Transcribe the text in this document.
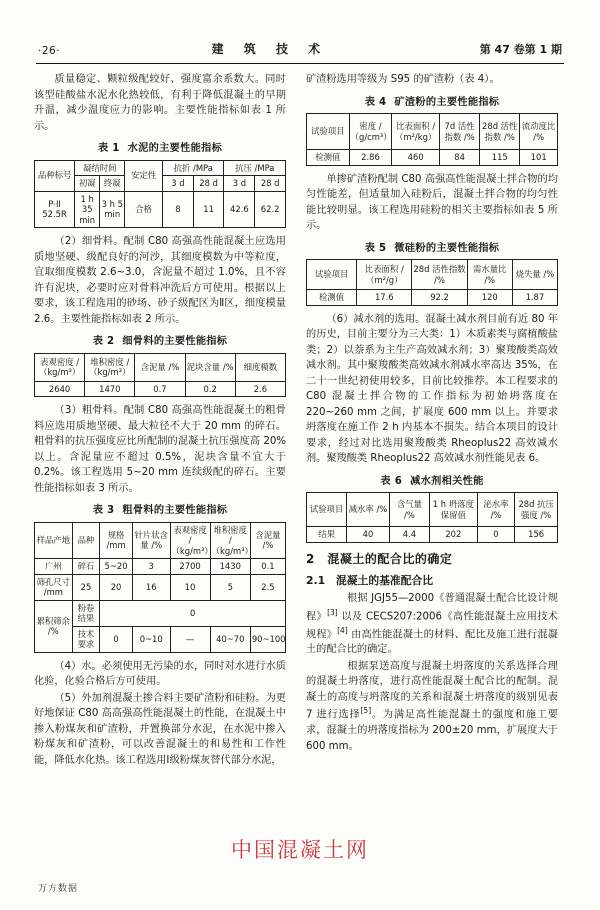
·26·	建 筑 技 术	第 47 卷第 1 期

质量稳定、颗粒级配较好、强度富余系数大。同时该型硅酸盐水泥水化热较低，有利于降低混凝土的早期升温，减少温度应力的影响。主要性能指标如表 1 所示。

表 1 水泥的主要性能指标
品种标号	凝结时间		安定性	抗折 /MPa		抗压 /MPa	
	初凝	终凝		3 d	28 d	3 d	28 d
P·II 52.5R	1 h 35 min	3 h 5 min	合格	8	11	42.6	62.2

（2）细骨料。配制 C80 高强高性能混凝土应选用质地坚硬、级配良好的河沙，其细度模数为中等粒度，宜取细度模数 2.6~3.0，含泥量不超过 1.0%，且不容许有泥块，必要时应对骨料冲洗后方可使用。根据以上要求，该工程选用的砂场、砂子级配区为Ⅱ区，细度模量 2.6。主要性能指标如表 2 所示。

表 2 细骨料的主要性能指标
表观密度 /（kg/m³）	堆积密度 /（kg/m³）	含泥量 /%	泥块含量 /%	细度模数
2640	1470	0.7	0.2	2.6

（3）粗骨料。配制 C80 高强高性能混凝土的粗骨料应选用质地坚硬、最大粒径不大于 20 mm 的碎石。粗骨料的抗压强度应比所配制的混凝土抗压强度高 20% 以上。含泥量应不超过 0.5%，泥块含量不宜大于 0.2%。该工程选用 5~20 mm 连续级配的碎石。主要性能指标如表 3 所示。

表 3 粗骨料的主要性能指标
样品产地	品种	规格 /mm	针片状含量 /%	表观密度 /（kg/m³）	堆积密度 /（kg/m³）	含泥量 /%
广州	碎石	5~20	3	2700	1430	0.1
筛孔尺寸 /mm	25	20	16	10	5	2.5
累积筛余 /%	粉卷结果	0				
	技术要求	0	0~10	—	40~70	90~100

（4）水。必须使用无污染的水，同时对水进行水质化验，化验合格后方可使用。

（5）外加剂混凝土掺合料主要矿渣粉和硅粉。为更好地保证 C80 高高强高性能混凝土的性能，在混凝土中掺入粉煤灰和矿渣粉，并置换部分水泥，在水泥中掺入粉煤灰和矿渣粉，可以改善混凝土的和易性和工作性能，降低水化热。该工程选用Ⅰ级粉煤灰替代部分水泥，

矿渣粉选用等级为 S95 的矿渣粉（表 4）。

表 4 矿渣粉的主要性能指标
试验项目	密度 /（g/cm³）	比表面积 /（m²/kg）	7d 活性指数 /%	28d 活性指数 /%	流动度比 /%
检测值	2.86	460	84	115	101

单掺矿渣粉配制 C80 高强高性能混凝土拌合物的均匀性能差，但适量加入硅粉后，混凝土拌合物的均匀性能比较明显。该工程选用硅粉的相关主要指标如表 5 所示。

表 5 微硅粉的主要性能指标
试验项目	比表面积 /（m²/g）	28d 活性指数 /%	需水量比 /%	烧失量 /%
检测值	17.6	92.2	120	1.87

（6）减水剂的选用。混凝土减水剂目前有近 80 年的历史，目前主要分为三大类：1）木质素类与腐植酸盐类；2）以萘系为主生产高效减水剂；3）聚羧酸类高效减水剂。其中聚羧酸类高效减水剂减水率高达 35%，在二十一世纪初使用较多，目前比较推荐。本工程要求的 C80 混凝土拌合物的工作指标为初始坍落度在 220~260 mm 之间，扩展度 600 mm 以上。并要求坍落度在施工作 2 h 内基本不损失。结合本项目的设计要求，经过对比选用聚羧酸类 Rheoplus22 高效减水剂。聚羧酸类 Rheoplus22 高效减水剂性能见表 6。

表 6 减水剂相关性能
试验项目	减水率 /%	含气量 /%	1 h 坍落度保留值	泌水率 /%	28d 抗压强度 /%
结果	40	4.4	202	0	156
2　混凝土的配合比的确定
2.1　混凝土的基准配合比

　　根据 JGJ55—2000《普通混凝土配合比设计规程》[3] 以及 CECS207:2006《高性能混凝土应用技术规程》[4] 由高性能混凝土的材料、配比及施工进行混凝土的配合比的确定。

　　根据泵送高度与混凝土坍落度的关系选择合理的混凝土坍落度，进行高性能混凝土配合比的配制。混凝土的高度与坍落度的关系和混凝土坍落度的级别见表 7 进行选择[5]。为满足高性能混凝土的强度和施工要求，混凝土的坍落度指标为 200±20 mm，扩展度大于 600 mm。

中国混凝土网
万方数据
